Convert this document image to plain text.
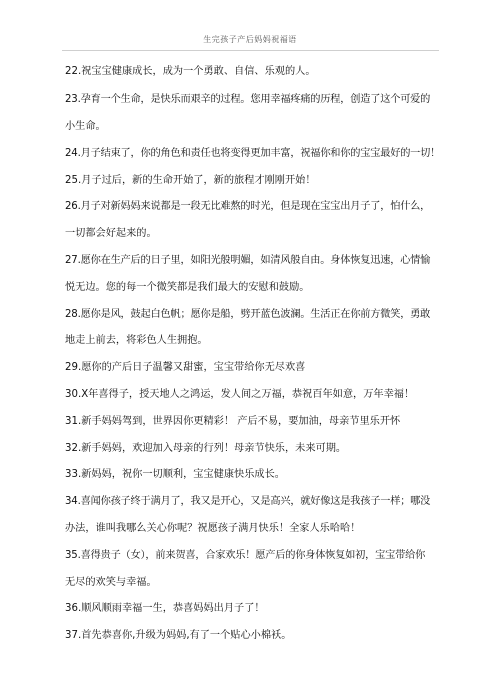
生完孩子产后妈妈祝福语
22.祝宝宝健康成长，成为一个勇敢、自信、乐观的人。
23.孕育一个生命，是快乐而艰辛的过程。您用幸福疼痛的历程，创造了这个可爱的
小生命。
24.月子结束了，你的角色和责任也将变得更加丰富，祝福你和你的宝宝最好的一切！
25.月子过后，新的生命开始了，新的旅程才刚刚开始！
26.月子对新妈妈来说都是一段无比难熬的时光，但是现在宝宝出月子了，怕什么，
一切都会好起来的。
27.愿你在生产后的日子里，如阳光般明媚，如清风般自由。身体恢复迅速，心情愉
悦无边。您的每一个微笑都是我们最大的安慰和鼓励。
28.愿你是风，鼓起白色帆；愿你是船，劈开蓝色波澜。生活正在你前方微笑，勇敢
地走上前去，将彩色人生拥抱。
29.愿你的产后日子温馨又甜蜜，宝宝带给你无尽欢喜
30.X年喜得子，授天地人之鸿运，发人间之万福，恭祝百年如意，万年幸福！
31.新手妈妈驾到，世界因你更精彩！ 产后不易，要加油，母亲节里乐开怀
32.新手妈妈，欢迎加入母亲的行列！母亲节快乐，未来可期。
33.新妈妈，祝你一切顺利，宝宝健康快乐成长。
34.喜闻你孩子终于满月了，我又是开心，又是高兴，就好像这是我孩子一样；哪没
办法，谁叫我哪么关心你呢？祝愿孩子满月快乐！全家人乐哈哈！
35.喜得贵子（女），前来贺喜，合家欢乐！愿产后的你身体恢复如初，宝宝带给你
无尽的欢笑与幸福。
36.顺风顺雨幸福一生，恭喜妈妈出月子了！
37.首先恭喜你,升级为妈妈,有了一个贴心小棉袄。
